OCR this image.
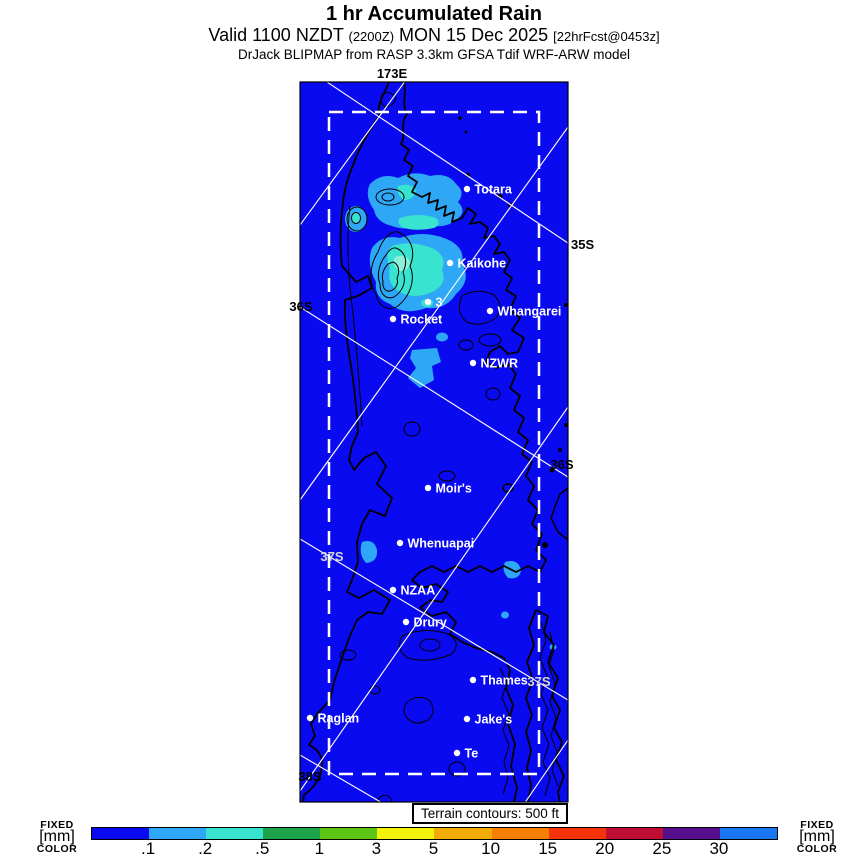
1 hr Accumulated Rain
Valid 1100 NZDT (2200Z) MON 15 Dec 2025 [22hrFcst@0453z]
DrJack BLIPMAP from RASP 3.3km GFSA Tdif WRF-ARW model
173E
35S
36S
36S
37S
37S
38S
Totara
Kaikohe
3
Whangarei
Rocket
NZWR
Moir's
Whenuapai
NZAA
Drury
Thames
Raglan	Jake's
Te
Terrain contours: 500 ft
FIXED
[mm]
COLOR	.1	.2	.5	1	3	5	10 15 20 25 30
FIXED
[mm]
COLOR
